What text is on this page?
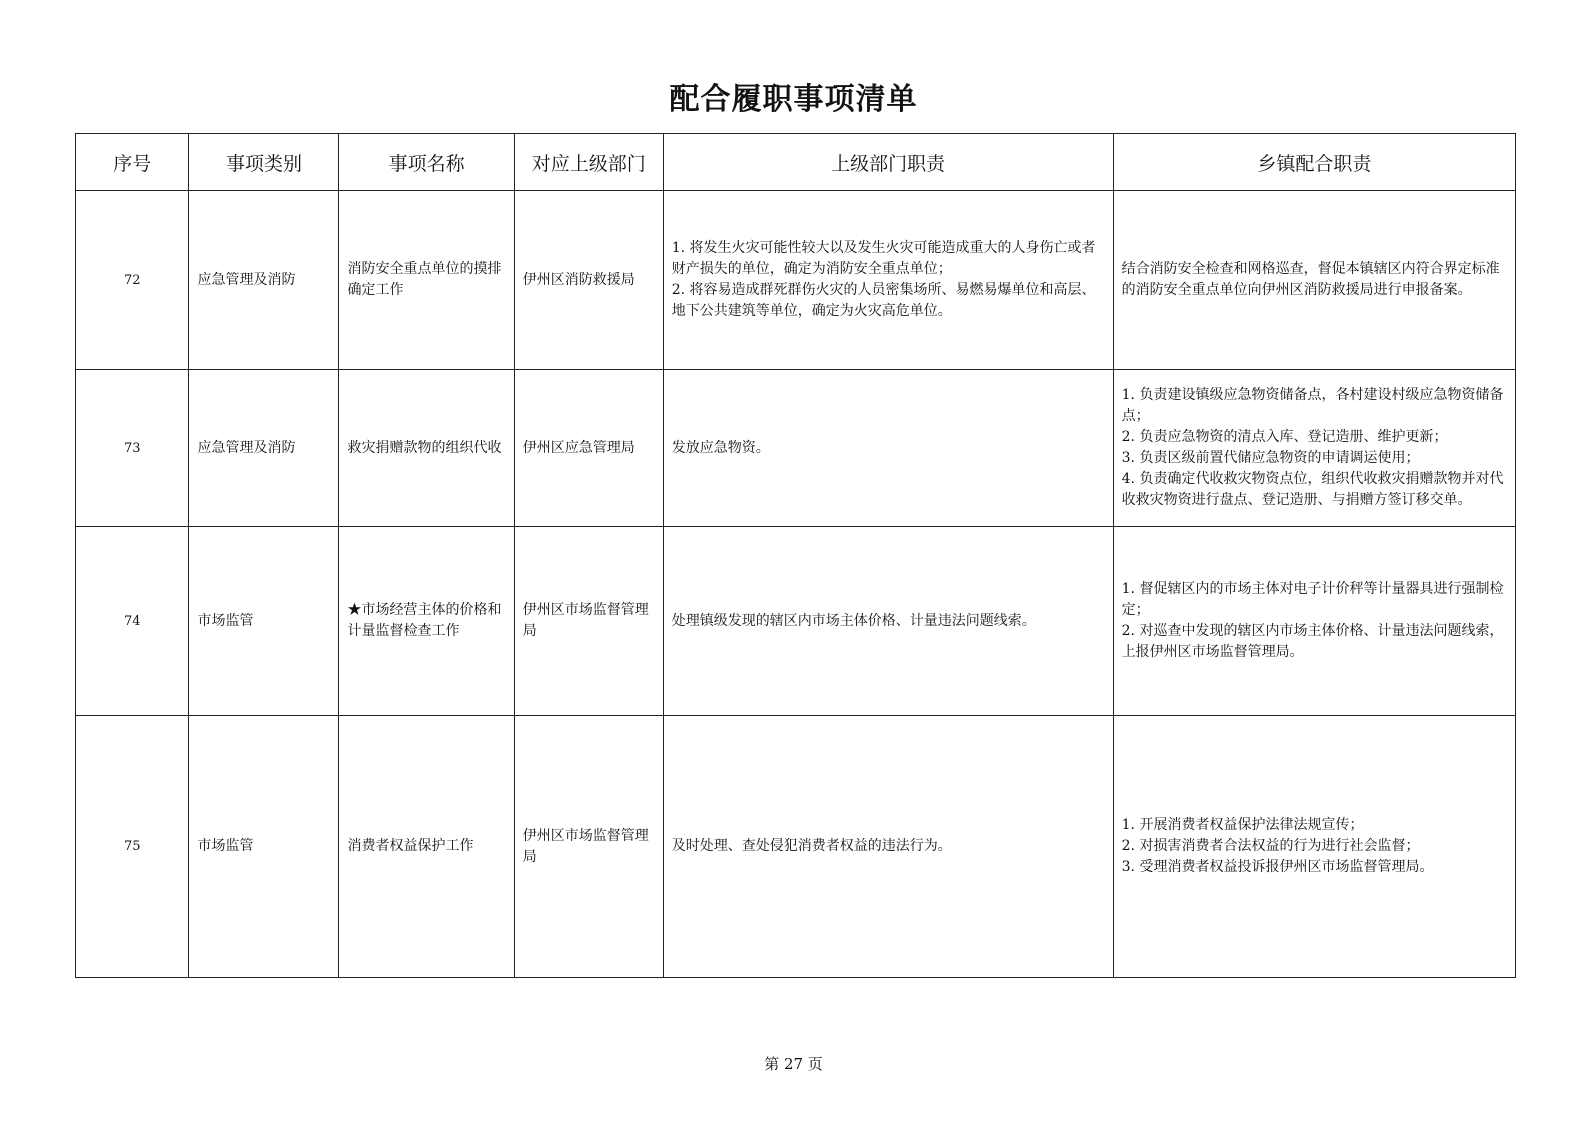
配合履职事项清单
序号	事项类别	事项名称	对应上级部门	上级部门职责	乡镇配合职责

72	应急管理及消防	消防安全重点单位的摸排确定工作	伊州区消防救援局	1. 将发生火灾可能性较大以及发生火灾可能造成重大的人身伤亡或者财产损失的单位，确定为消防安全重点单位；
2. 将容易造成群死群伤火灾的人员密集场所、易燃易爆单位和高层、地下公共建筑等单位，确定为火灾高危单位。	结合消防安全检查和网格巡查，督促本镇辖区内符合界定标准的消防安全重点单位向伊州区消防救援局进行申报备案。

73	应急管理及消防	救灾捐赠款物的组织代收	伊州区应急管理局	发放应急物资。	1. 负责建设镇级应急物资储备点，各村建设村级应急物资储备点；
2. 负责应急物资的清点入库、登记造册、维护更新；
3. 负责区级前置代储应急物资的申请调运使用；
4. 负责确定代收救灾物资点位，组织代收救灾捐赠款物并对代收救灾物资进行盘点、登记造册、与捐赠方签订移交单。

74	市场监管	★市场经营主体的价格和计量监督检查工作	伊州区市场监督管理局	处理镇级发现的辖区内市场主体价格、计量违法问题线索。	1. 督促辖区内的市场主体对电子计价秤等计量器具进行强制检定；
2. 对巡查中发现的辖区内市场主体价格、计量违法问题线索，上报伊州区市场监督管理局。

75	市场监管	消费者权益保护工作	伊州区市场监督管理局	及时处理、查处侵犯消费者权益的违法行为。	1. 开展消费者权益保护法律法规宣传；
2. 对损害消费者合法权益的行为进行社会监督；
3. 受理消费者权益投诉报伊州区市场监督管理局。
第 27 页
